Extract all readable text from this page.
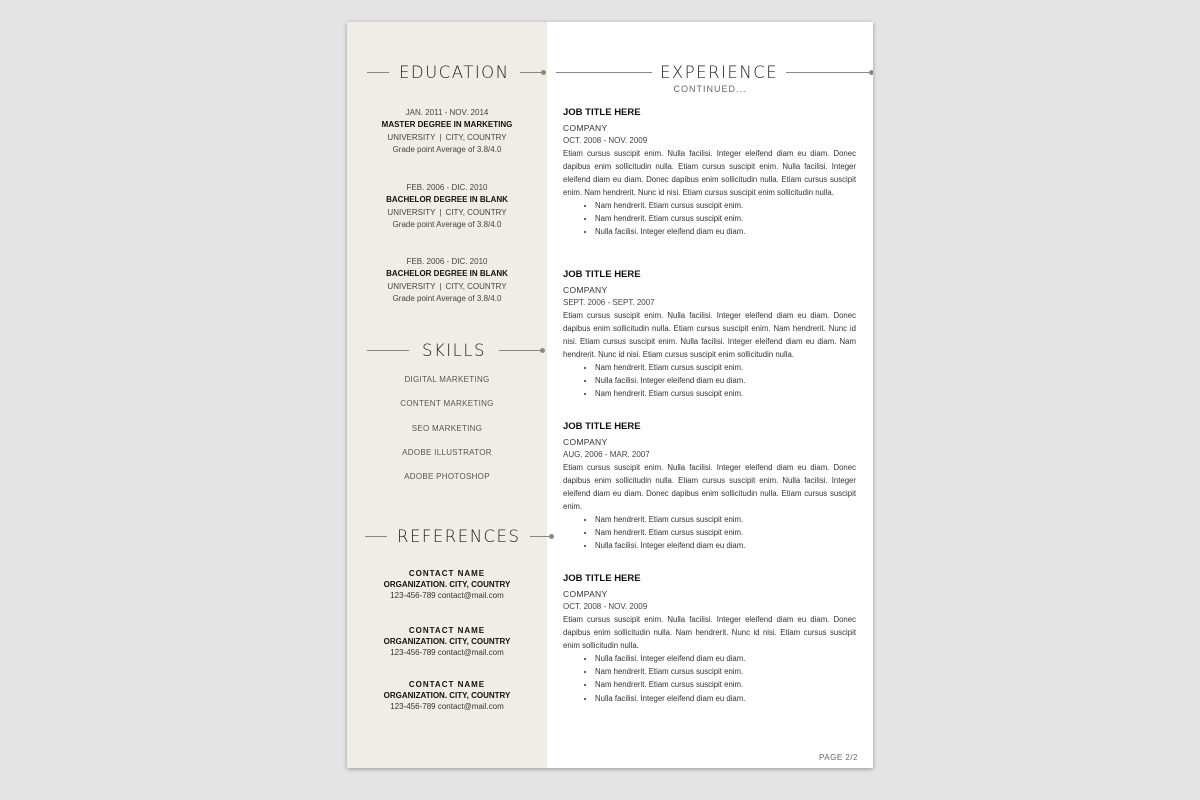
EDUCATION
JAN. 2011 - NOV. 2014
MASTER DEGREE IN MARKETING
UNIVERSITY | CITY, COUNTRY
Grade point Average of 3.8/4.0
FEB. 2006 - DIC. 2010
BACHELOR DEGREE IN BLANK
UNIVERSITY | CITY, COUNTRY
Grade point Average of 3.8/4.0
FEB. 2006 - DIC. 2010
BACHELOR DEGREE IN BLANK
UNIVERSITY | CITY, COUNTRY
Grade point Average of 3.8/4.0
SKILLS
DIGITAL MARKETING
CONTENT MARKETING
SEO MARKETING
ADOBE ILLUSTRATOR
ADOBE PHOTOSHOP
REFERENCES
CONTACT NAME
ORGANIZATION. CITY, COUNTRY
123-456-789 contact@mail.com
CONTACT NAME
ORGANIZATION. CITY, COUNTRY
123-456-789 contact@mail.com
CONTACT NAME
ORGANIZATION. CITY, COUNTRY
123-456-789 contact@mail.com
EXPERIENCE
CONTINUED...
JOB TITLE HERE
COMPANY
OCT. 2008 - NOV. 2009

Etiam cursus suscipit enim. Nulla facilisi. Integer eleifend diam eu diam. Donec dapibus enim sollicitudin nulla. Etiam cursus suscipit enim. Nulla facilisi. Integer eleifend diam eu diam. Donec dapibus enim sollicitudin nulla. Etiam cursus suscipit enim. Nam hendrerit. Nunc id nisi. Etiam cursus suscipit enim sollicitudin nulla.

• Nam hendrerit. Etiam cursus suscipit enim.
• Nam hendrerit. Etiam cursus suscipit enim.
• Nulla facilisi. Integer eleifend diam eu diam.
JOB TITLE HERE
COMPANY
SEPT. 2006 - SEPT. 2007

Etiam cursus suscipit enim. Nulla facilisi. Integer eleifend diam eu diam. Donec dapibus enim sollicitudin nulla. Etiam cursus suscipit enim. Nam hendrerit. Nunc id nisi. Etiam cursus suscipit enim. Nulla facilisi. Integer eleifend diam eu diam. Nam hendrerit. Nunc id nisi. Etiam cursus suscipit enim sollicitudin nulla.

• Nam hendrerit. Etiam cursus suscipit enim.
• Nulla facilisi. Integer eleifend diam eu diam.
• Nam hendrerit. Etiam cursus suscipit enim.
JOB TITLE HERE
COMPANY
AUG. 2006 - MAR. 2007

Etiam cursus suscipit enim. Nulla facilisi. Integer eleifend diam eu diam. Donec dapibus enim sollicitudin nulla. Etiam cursus suscipit enim. Nulla facilisi. Integer eleifend diam eu diam. Donec dapibus enim sollicitudin nulla. Etiam cursus suscipit enim.

• Nam hendrerit. Etiam cursus suscipit enim.
• Nam hendrerit. Etiam cursus suscipit enim.
• Nulla facilisi. Integer eleifend diam eu diam.
JOB TITLE HERE
COMPANY
OCT. 2008 - NOV. 2009

Etiam cursus suscipit enim. Nulla facilisi. Integer eleifend diam eu diam. Donec dapibus enim sollicitudin nulla. Nam hendrerit. Nunc id nisi. Etiam cursus suscipit enim sollicitudin nulla.

• Nulla facilisi. Integer eleifend diam eu diam.
• Nam hendrerit. Etiam cursus suscipit enim.
• Nam hendrerit. Etiam cursus suscipit enim.
• Nulla facilisi. Integer eleifend diam eu diam.
PAGE 2/2
